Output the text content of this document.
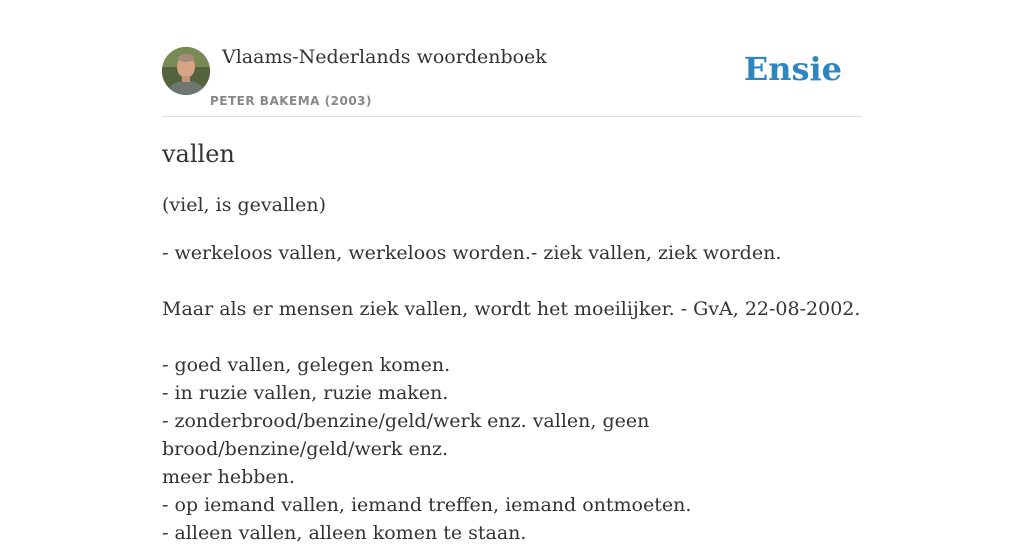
Vlaams-Nederlands woordenboek
PETER BAKEMA (2003)
Ensie
vallen
(viel, is gevallen)
- werkeloos vallen, werkeloos worden.- ziek vallen, ziek worden.
Maar als er mensen ziek vallen, wordt het moeilijker. - GvA, 22-08-2002.
- goed vallen, gelegen komen.
- in ruzie vallen, ruzie maken.
- zonderbrood/benzine/geld/werk enz. vallen, geen brood/benzine/geld/werk enz.
meer hebben.
- op iemand vallen, iemand treffen, iemand ontmoeten.
- alleen vallen, alleen komen te staan.
